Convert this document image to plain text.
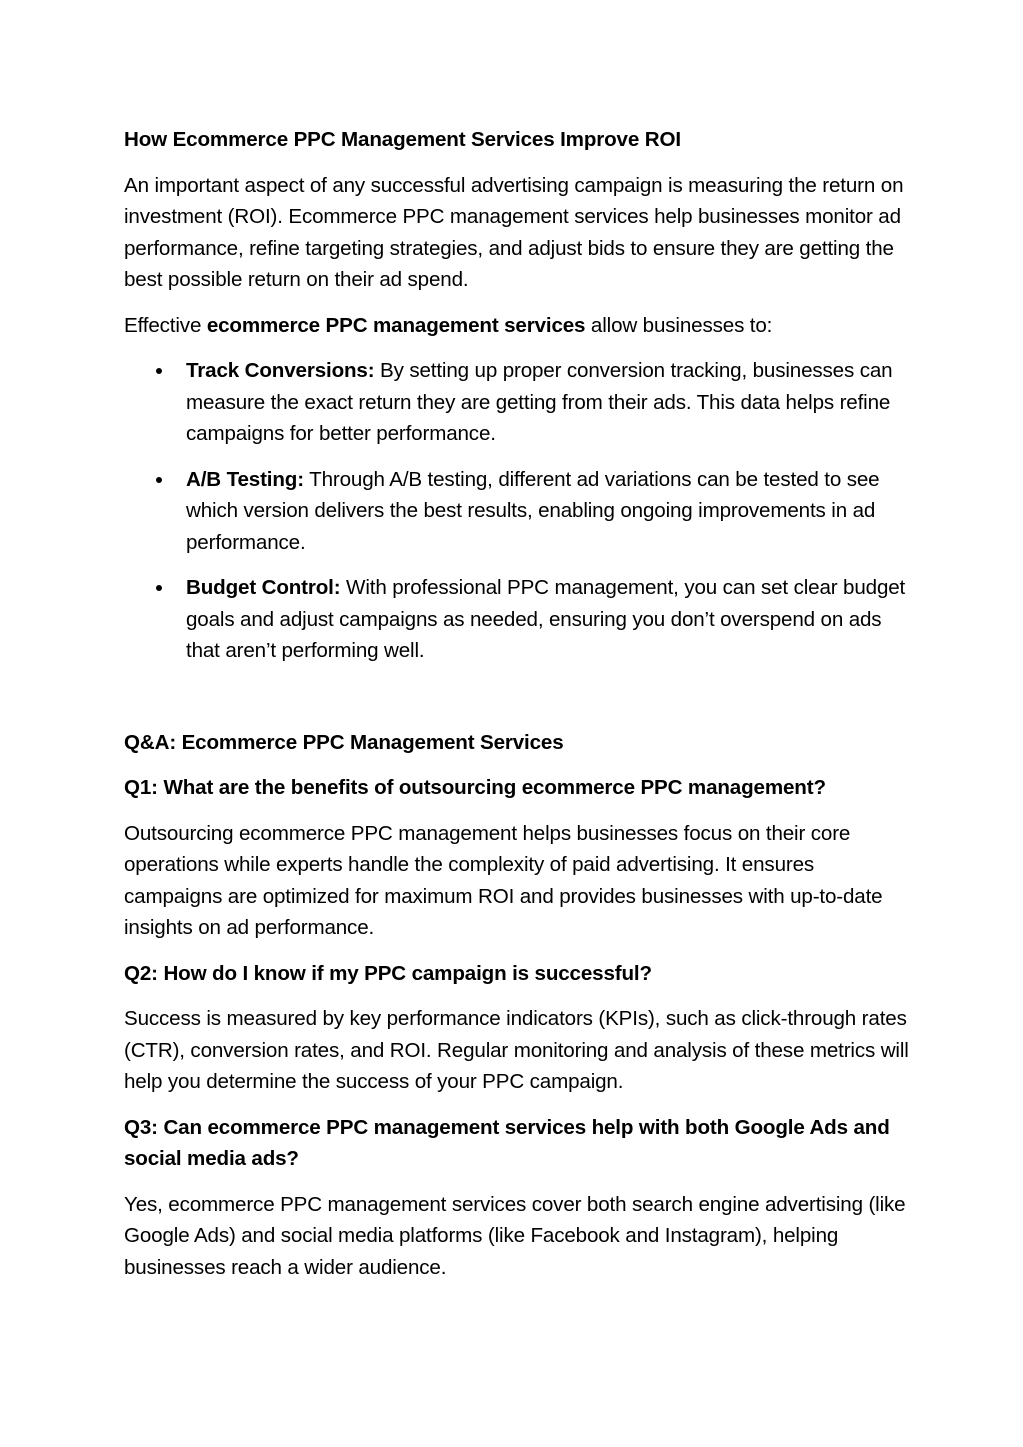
How Ecommerce PPC Management Services Improve ROI

An important aspect of any successful advertising campaign is measuring the return on investment (ROI). Ecommerce PPC management services help businesses monitor ad performance, refine targeting strategies, and adjust bids to ensure they are getting the best possible return on their ad spend.

Effective ecommerce PPC management services allow businesses to:

Track Conversions: By setting up proper conversion tracking, businesses can measure the exact return they are getting from their ads. This data helps refine campaigns for better performance.
A/B Testing: Through A/B testing, different ad variations can be tested to see which version delivers the best results, enabling ongoing improvements in ad performance.
Budget Control: With professional PPC management, you can set clear budget goals and adjust campaigns as needed, ensuring you don’t overspend on ads that aren’t performing well.

Q&A: Ecommerce PPC Management Services

Q1: What are the benefits of outsourcing ecommerce PPC management?

Outsourcing ecommerce PPC management helps businesses focus on their core operations while experts handle the complexity of paid advertising. It ensures campaigns are optimized for maximum ROI and provides businesses with up-to-date insights on ad performance.

Q2: How do I know if my PPC campaign is successful?

Success is measured by key performance indicators (KPIs), such as click-through rates (CTR), conversion rates, and ROI. Regular monitoring and analysis of these metrics will help you determine the success of your PPC campaign.

Q3: Can ecommerce PPC management services help with both Google Ads and social media ads?

Yes, ecommerce PPC management services cover both search engine advertising (like Google Ads) and social media platforms (like Facebook and Instagram), helping businesses reach a wider audience.
